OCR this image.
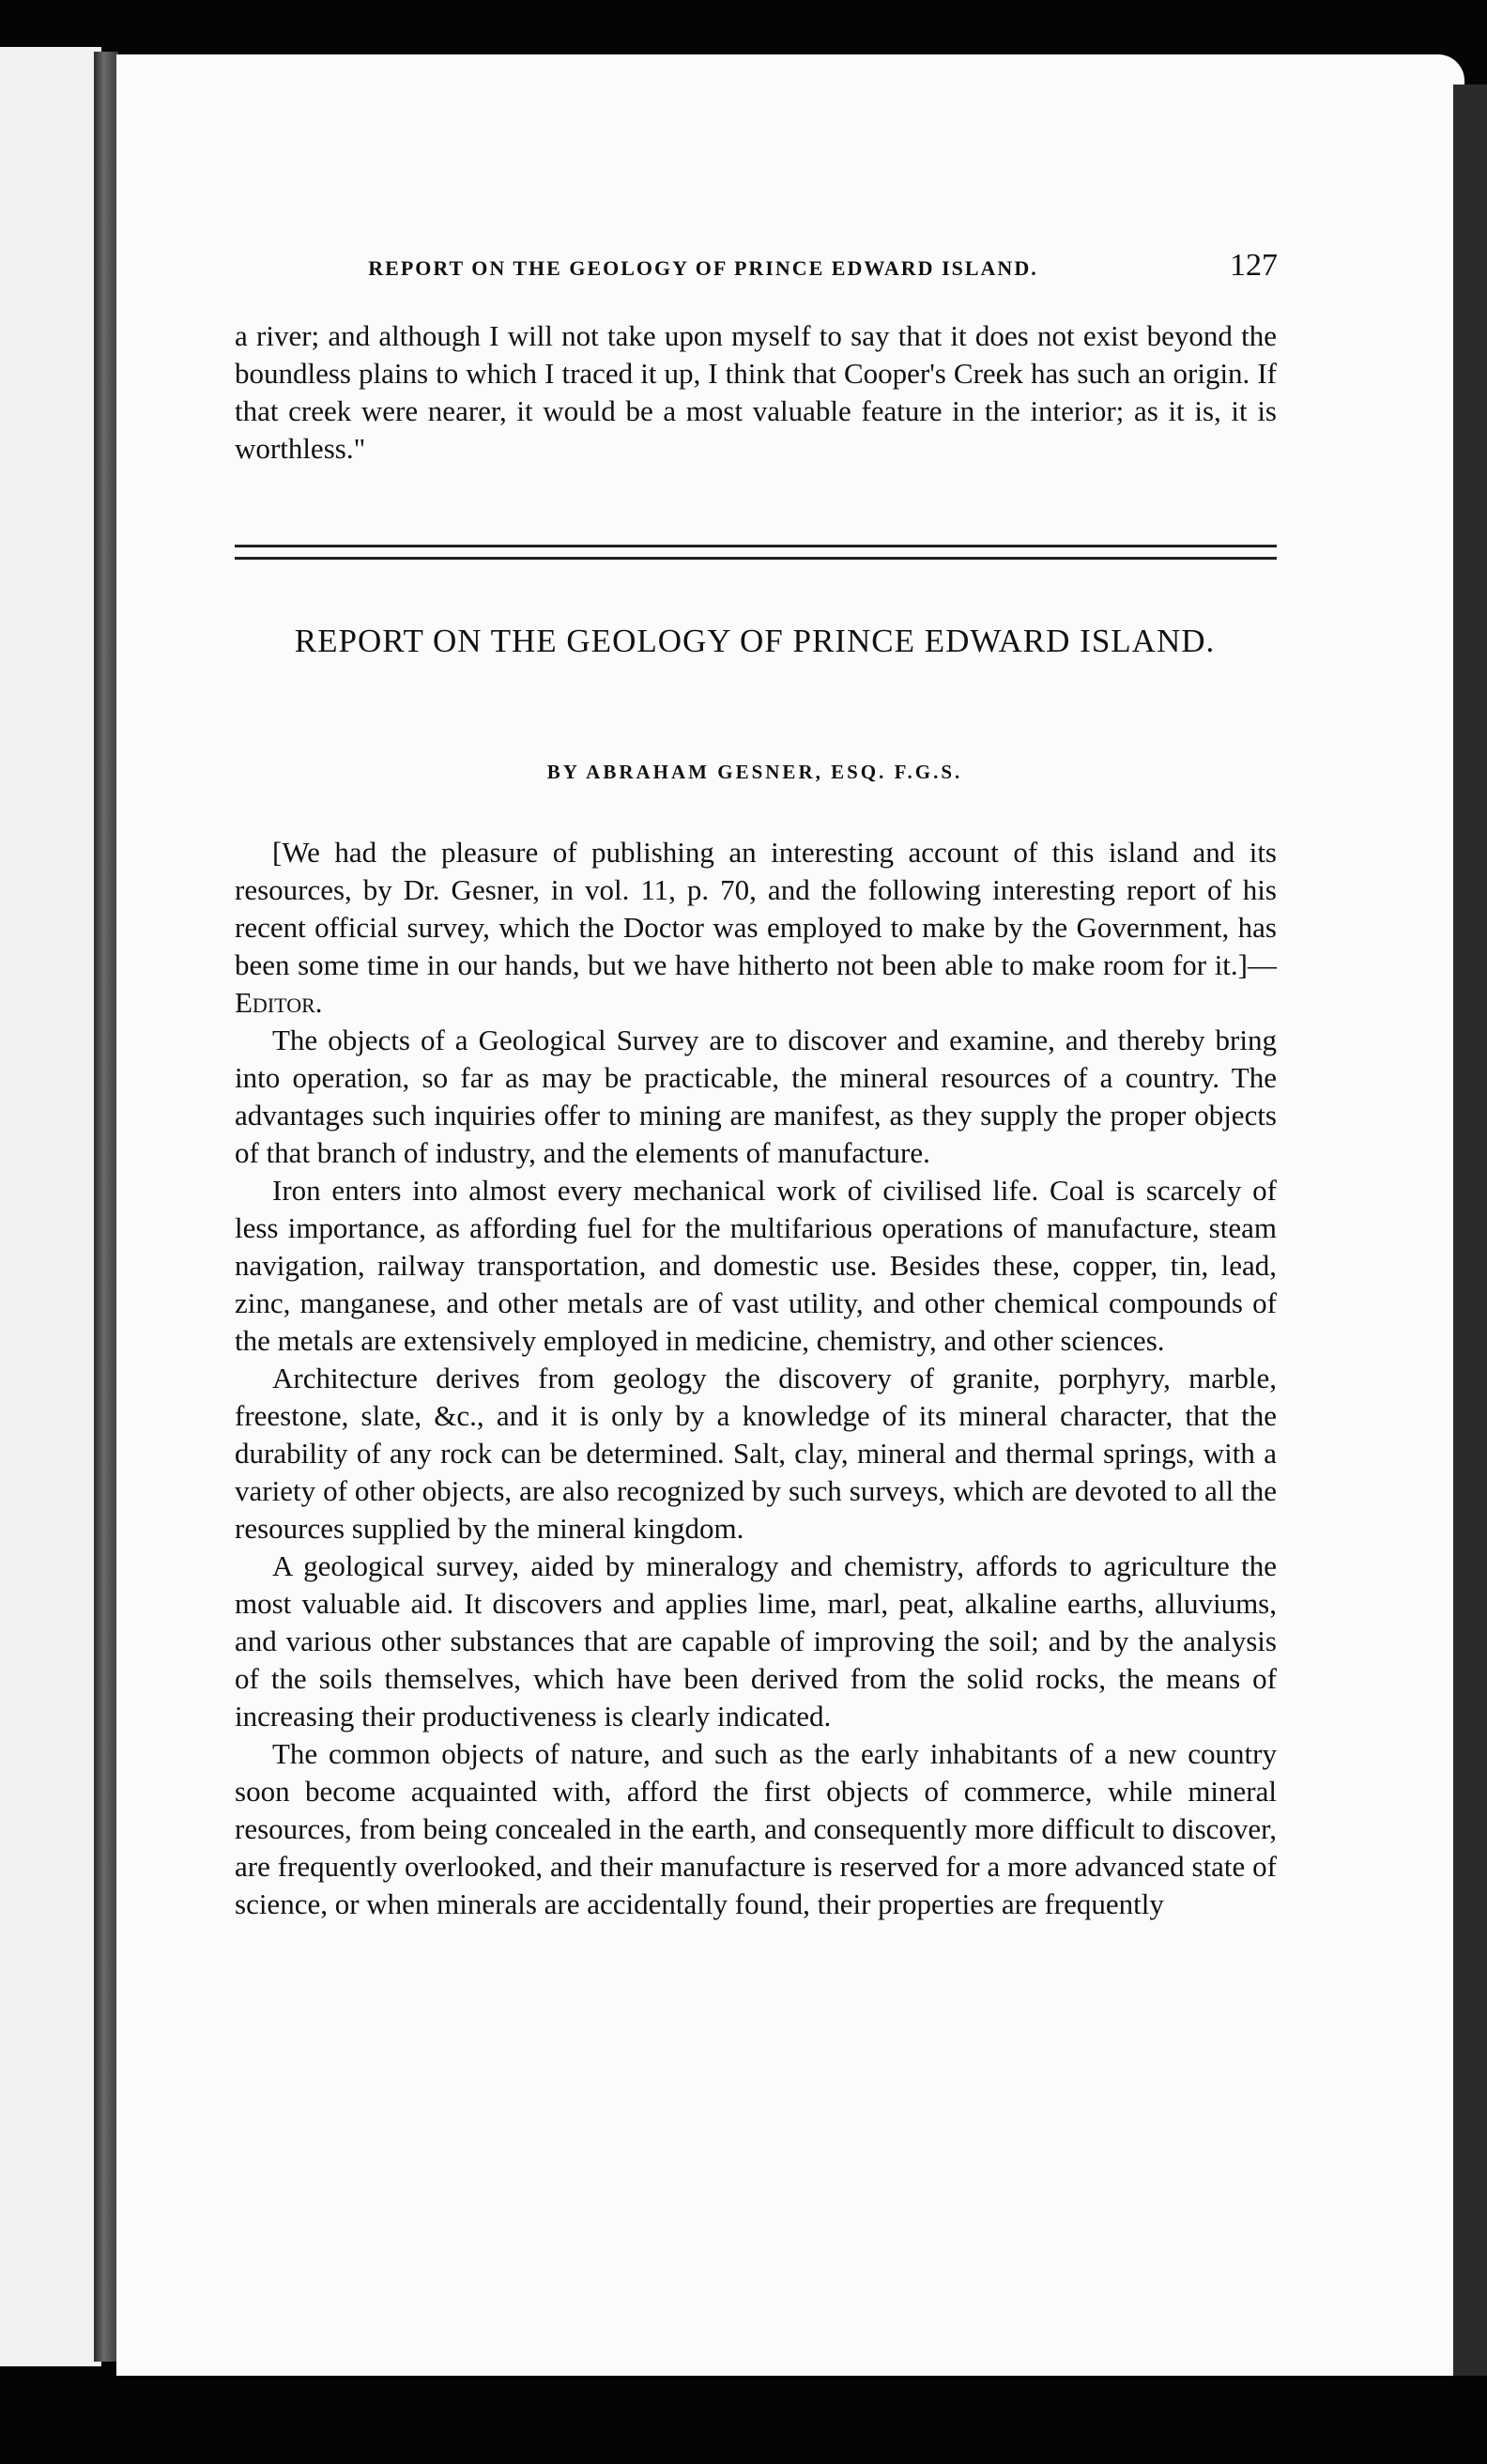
REPORT ON THE GEOLOGY OF PRINCE EDWARD ISLAND.	127

a river; and although I will not take upon myself to say that it does not exist beyond the boundless plains to which I traced it up, I think that Cooper's Creek has such an origin. If that creek were nearer, it would be a most valuable feature in the interior; as it is, it is worthless."

REPORT ON THE GEOLOGY OF PRINCE EDWARD ISLAND.
BY ABRAHAM GESNER, ESQ. F.G.S.

[We had the pleasure of publishing an interesting account of this island and its resources, by Dr. Gesner, in vol. 11, p. 70, and the following interesting report of his recent official survey, which the Doctor was employed to make by the Government, has been some time in our hands, but we have hitherto not been able to make room for it.]—Editor.

The objects of a Geological Survey are to discover and examine, and thereby bring into operation, so far as may be practicable, the mineral resources of a country. The advantages such inquiries offer to mining are manifest, as they supply the proper objects of that branch of industry, and the elements of manufacture.

Iron enters into almost every mechanical work of civilised life. Coal is scarcely of less importance, as affording fuel for the multifarious operations of manufacture, steam navigation, railway transportation, and domestic use. Besides these, copper, tin, lead, zinc, manganese, and other metals are of vast utility, and other chemical compounds of the metals are extensively employed in medicine, chemistry, and other sciences.

Architecture derives from geology the discovery of granite, porphyry, marble, freestone, slate, &c., and it is only by a knowledge of its mineral character, that the durability of any rock can be determined. Salt, clay, mineral and thermal springs, with a variety of other objects, are also recognized by such surveys, which are devoted to all the resources supplied by the mineral kingdom.

A geological survey, aided by mineralogy and chemistry, affords to agriculture the most valuable aid. It discovers and applies lime, marl, peat, alkaline earths, alluviums, and various other substances that are capable of improving the soil; and by the analysis of the soils themselves, which have been derived from the solid rocks, the means of increasing their productiveness is clearly indicated.

The common objects of nature, and such as the early inhabitants of a new country soon become acquainted with, afford the first objects of commerce, while mineral resources, from being concealed in the earth, and consequently more difficult to discover, are frequently overlooked, and their manufacture is reserved for a more advanced state of science, or when minerals are accidentally found, their properties are frequently
